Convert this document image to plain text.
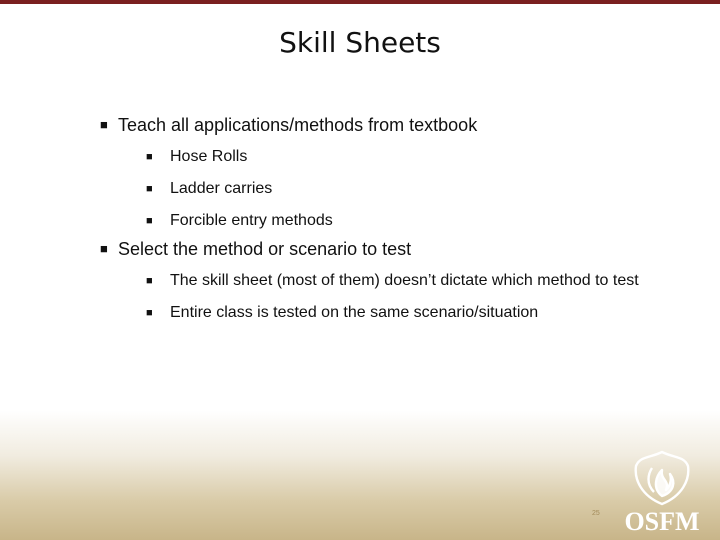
Skill Sheets
■ Teach all applications/methods from textbook
■ Hose Rolls
■ Ladder carries
■ Forcible entry methods
■ Select the method or scenario to test
■ The skill sheet (most of them) doesn’t dictate which method to test
■ Entire class is tested on the same scenario/situation
25 OSFM
